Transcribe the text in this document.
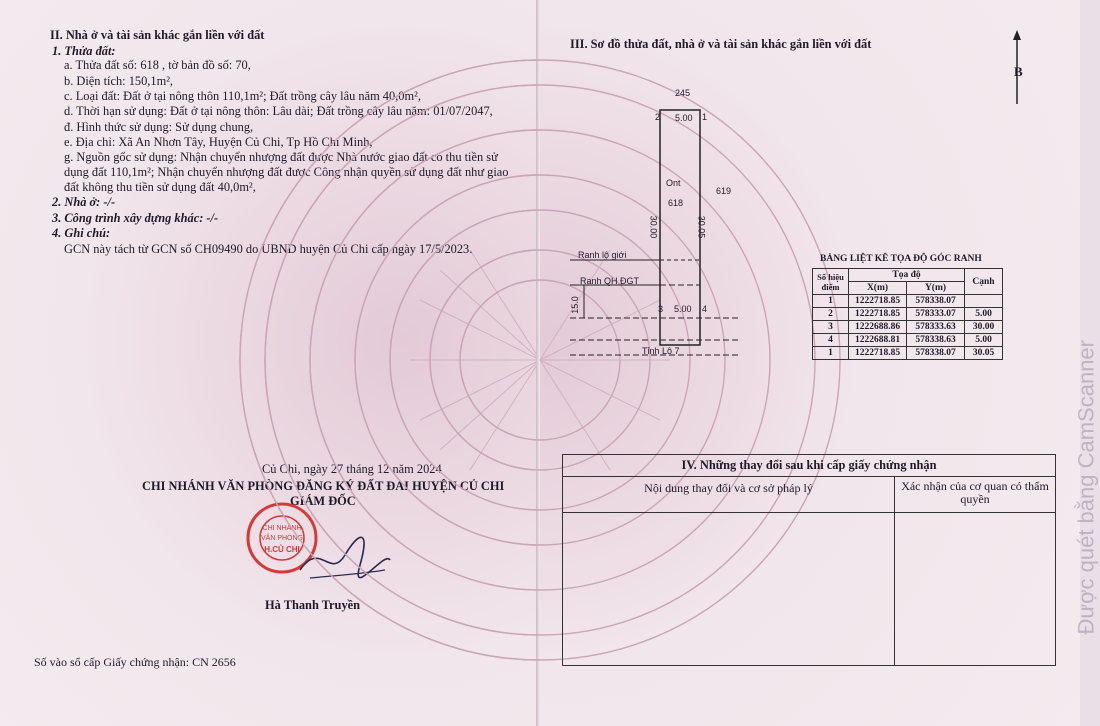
II. Nhà ở và tài sản khác gắn liền với đất
1. Thửa đất:
a. Thửa đất số: 618 , tờ bản đồ số: 70,
b. Diện tích: 150,1m²,
c. Loại đất: Đất ở tại nông thôn 110,1m²; Đất trồng cây lâu năm 40,0m²,
d. Thời hạn sử dụng: Đất ở tại nông thôn: Lâu dài; Đất trồng cây lâu năm: 01/07/2047,
đ. Hình thức sử dụng: Sử dụng chung,
e. Địa chỉ: Xã An Nhơn Tây, Huyện Củ Chi, Tp Hồ Chí Minh,
g. Nguồn gốc sử dụng: Nhận chuyển nhượng đất được Nhà nước giao đất có thu tiền sử
dụng đất 110,1m²; Nhận chuyển nhượng đất được Công nhận quyền sử dụng đất như giao
đất không thu tiền sử dụng đất 40,0m²,
2. Nhà ở: -/-
3. Công trình xây dựng khác: -/-
4. Ghi chú:
GCN này tách từ GCN số CH09490 do UBND huyện Củ Chi cấp ngày 17/5/2023.
Củ Chi, ngày 27 tháng 12 năm 2024
CHI NHÁNH VĂN PHÒNG ĐĂNG KÝ ĐẤT ĐAI HUYỆN CỦ CHI
GIÁM ĐỐC
CHI NHÁNH
VĂN PHÒNG
H.CỦ CHI
Hà Thanh Truyền
Số vào sổ cấp Giấy chứng nhận: CN 2656
III. Sơ đồ thửa đất, nhà ở và tài sản khác gắn liền với đất
B
245
5.00
2	1
Ont
618
619
30.00	30.05
Ranh lộ giới
Ranh QH ĐGT
15.0	3 5.00 4
Tỉnh Lộ 7
BẢNG LIỆT KÊ TỌA ĐỘ GÓC RANH
Số hiệu điểm	Tọa độ		Cạnh
	X(m)	Y(m)	
1	1222718.85	578338.07	
2	1222718.85	578333.07	5.00
3	1222688.86	578333.63	30.00
4	1222688.81	578338.63	5.00
1	1222718.85	578338.07	30.05
IV. Những thay đổi sau khi cấp giấy chứng nhận
Nội dung thay đổi và cơ sở pháp lý	Xác nhận của cơ quan có thẩm quyền	Được quét bằng CamScanner
